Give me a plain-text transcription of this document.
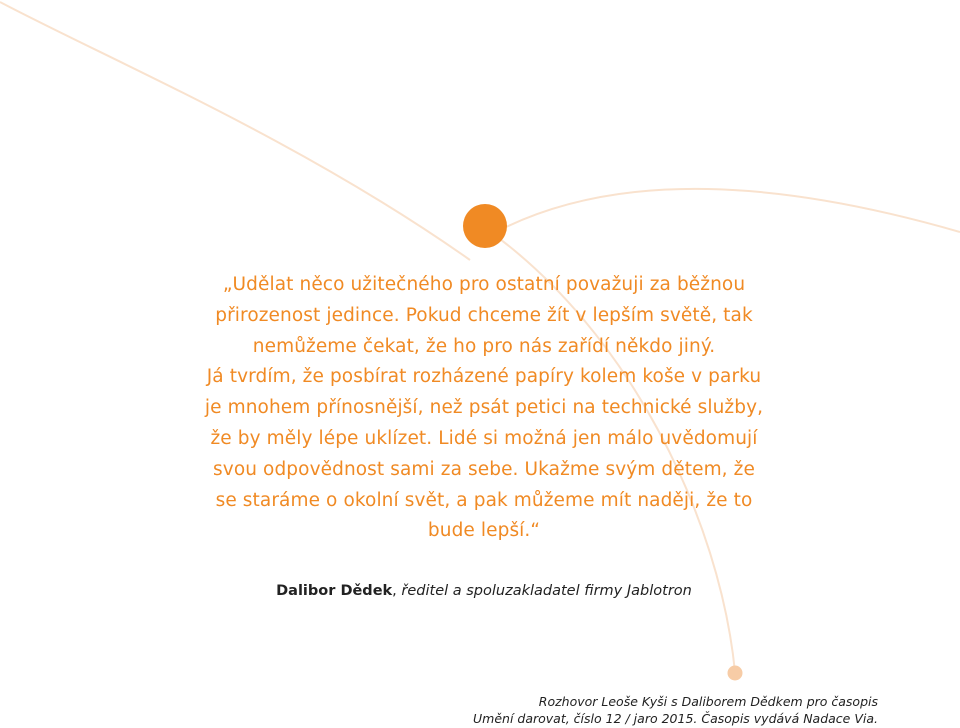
„Udělat něco užitečného pro ostatní považuji za běžnou
přirozenost jedince. Pokud chceme žít v lepším světě, tak
nemůžeme čekat, že ho pro nás zařídí někdo jiný.
Já tvrdím, že posbírat rozházené papíry kolem koše v parku
je mnohem přínosnější, než psát petici na technické služby,
že by měly lépe uklízet. Lidé si možná jen málo uvědomují
svou odpovědnost sami za sebe. Ukažme svým dětem, že
se staráme o okolní svět, a pak můžeme mít naději, že to
bude lepší.“
Dalibor Dědek, ředitel a spoluzakladatel firmy Jablotron
Rozhovor Leoše Kyši s Daliborem Dědkem pro časopis
Umění darovat, číslo 12 / jaro 2015. Časopis vydává Nadace Via.
